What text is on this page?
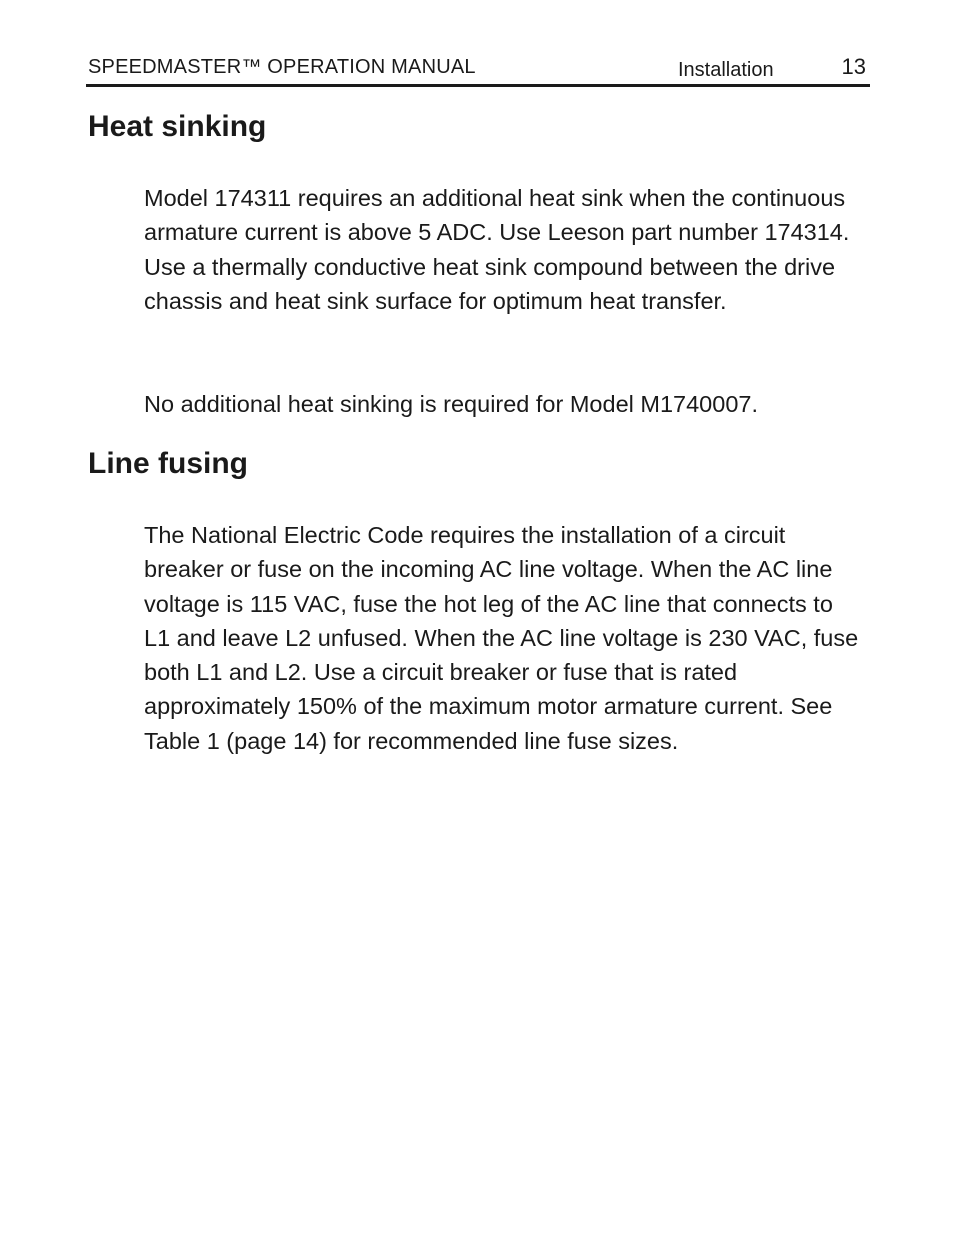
SPEEDMASTER™ OPERATION MANUAL	Installation	13
Heat sinking

Model 174311 requires an additional heat sink when the continuous armature current is above 5 ADC. Use Leeson part number 174314. Use a thermally conductive heat sink compound between the drive chassis and heat sink surface for optimum heat transfer.

No additional heat sinking is required for Model M1740007.

Line fusing

The National Electric Code requires the installation of a circuit breaker or fuse on the incoming AC line voltage. When the AC line voltage is 115 VAC, fuse the hot leg of the AC line that connects to L1 and leave L2 unfused. When the AC line voltage is 230 VAC, fuse both L1 and L2. Use a circuit breaker or fuse that is rated approximately 150% of the maximum motor armature current. See Table 1 (page 14) for recommended line fuse sizes.
